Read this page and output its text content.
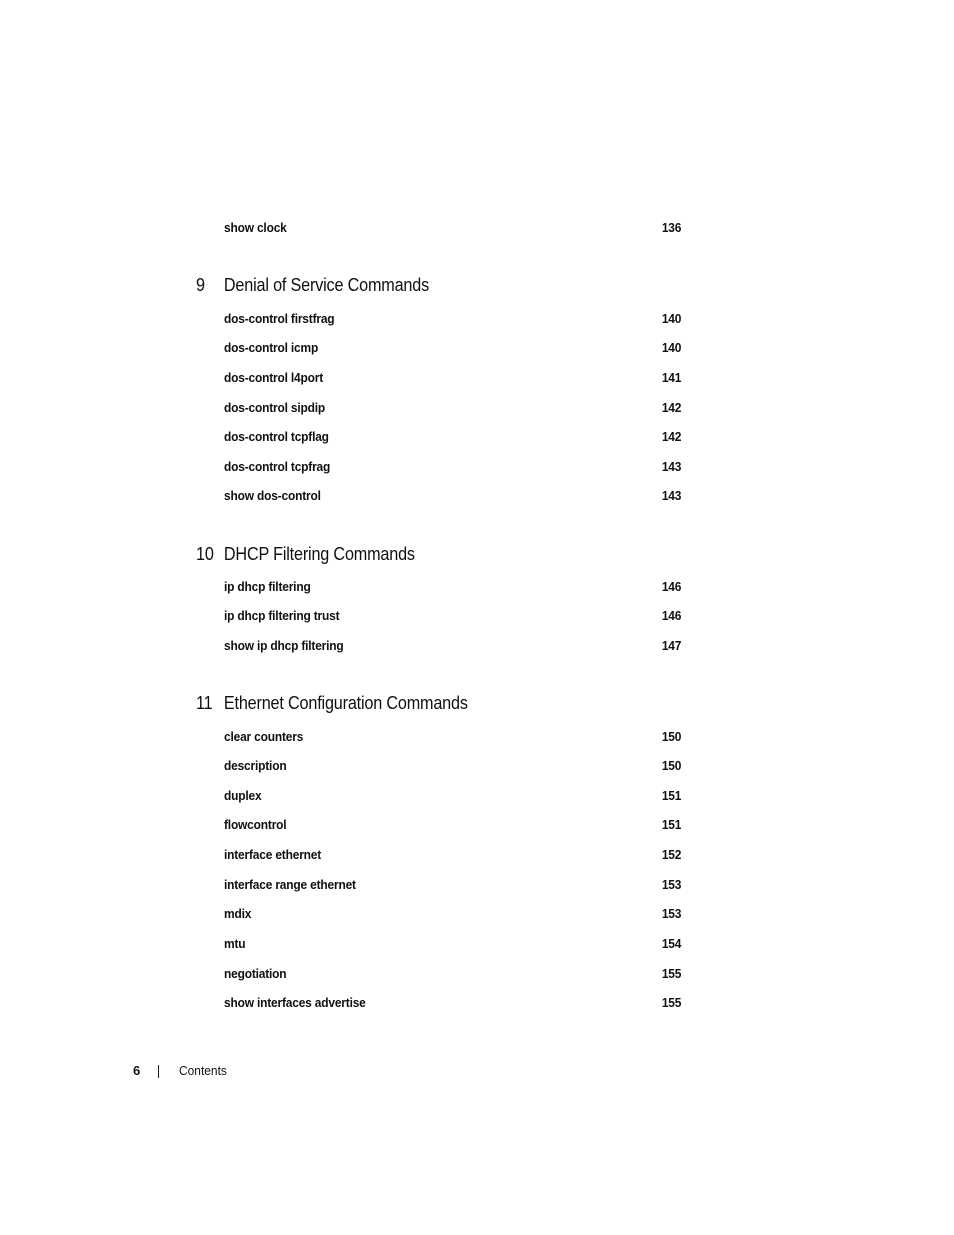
show clock	136
9 Denial of Service Commands
dos-control firstfrag	140
dos-control icmp	140
dos-control l4port	141
dos-control sipdip	142
dos-control tcpflag	142
dos-control tcpfrag	143
show dos-control	143
10 DHCP Filtering Commands
ip dhcp filtering	146
ip dhcp filtering trust	146
show ip dhcp filtering	147
11 Ethernet Configuration Commands
clear counters	150
description	150
duplex	151
flowcontrol	151
interface ethernet	152
interface range ethernet	153
mdix	153
mtu	154
negotiation	155
show interfaces advertise	155
6	Contents
